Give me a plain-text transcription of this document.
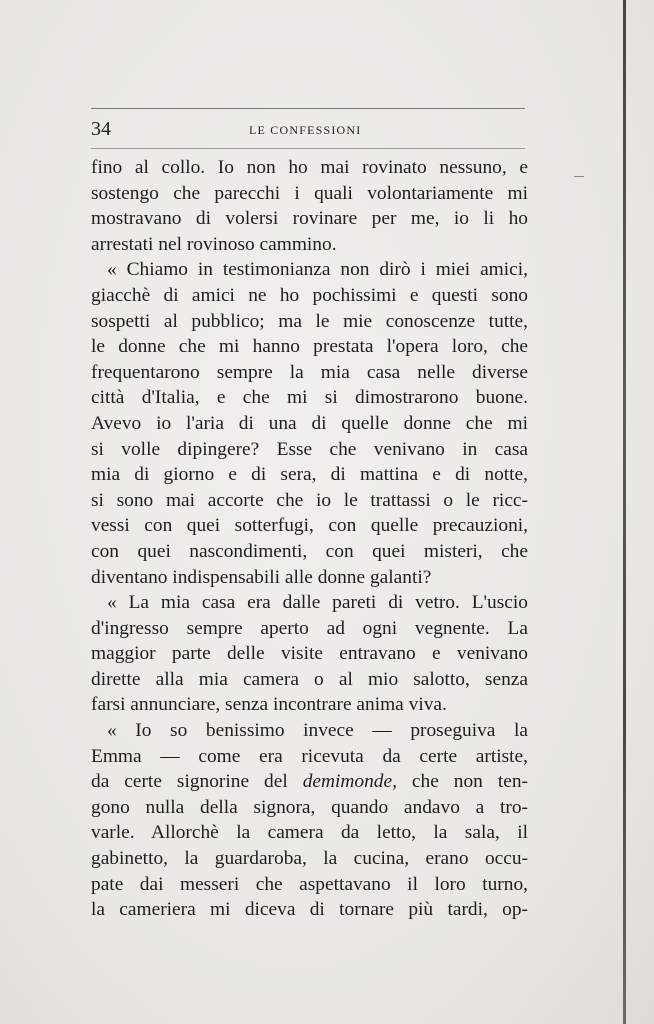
34	LE CONFESSIONI
fino al collo. Io non ho mai rovinato nessuno, e
sostengo che parecchi i quali volontariamente mi
mostravano di volersi rovinare per me, io li ho
arrestati nel rovinoso cammino.
« Chiamo in testimonianza non dirò i miei amici,
giacchè di amici ne ho pochissimi e questi sono
sospetti al pubblico; ma le mie conoscenze tutte,
le donne che mi hanno prestata l'opera loro, che
frequentarono sempre la mia casa nelle diverse
città d'Italia, e che mi si dimostrarono buone.
Avevo io l'aria di una di quelle donne che mi
si volle dipingere? Esse che venivano in casa
mia di giorno e di sera, di mattina e di notte,
si sono mai accorte che io le trattassi o le ricc-
vessi con quei sotterfugi, con quelle precauzioni,
con quei nascondimenti, con quei misteri, che
diventano indispensabili alle donne galanti?
« La mia casa era dalle pareti di vetro. L'uscio
d'ingresso sempre aperto ad ogni vegnente. La
maggior parte delle visite entravano e venivano
dirette alla mia camera o al mio salotto, senza
farsi annunciare, senza incontrare anima viva.
« Io so benissimo invece — proseguiva la
Emma — come era ricevuta da certe artiste,
da certe signorine del demimonde, che non ten-
gono nulla della signora, quando andavo a tro-
varle. Allorchè la camera da letto, la sala, il
gabinetto, la guardaroba, la cucina, erano occu-
pate dai messeri che aspettavano il loro turno,
la cameriera mi diceva di tornare più tardi, op-
